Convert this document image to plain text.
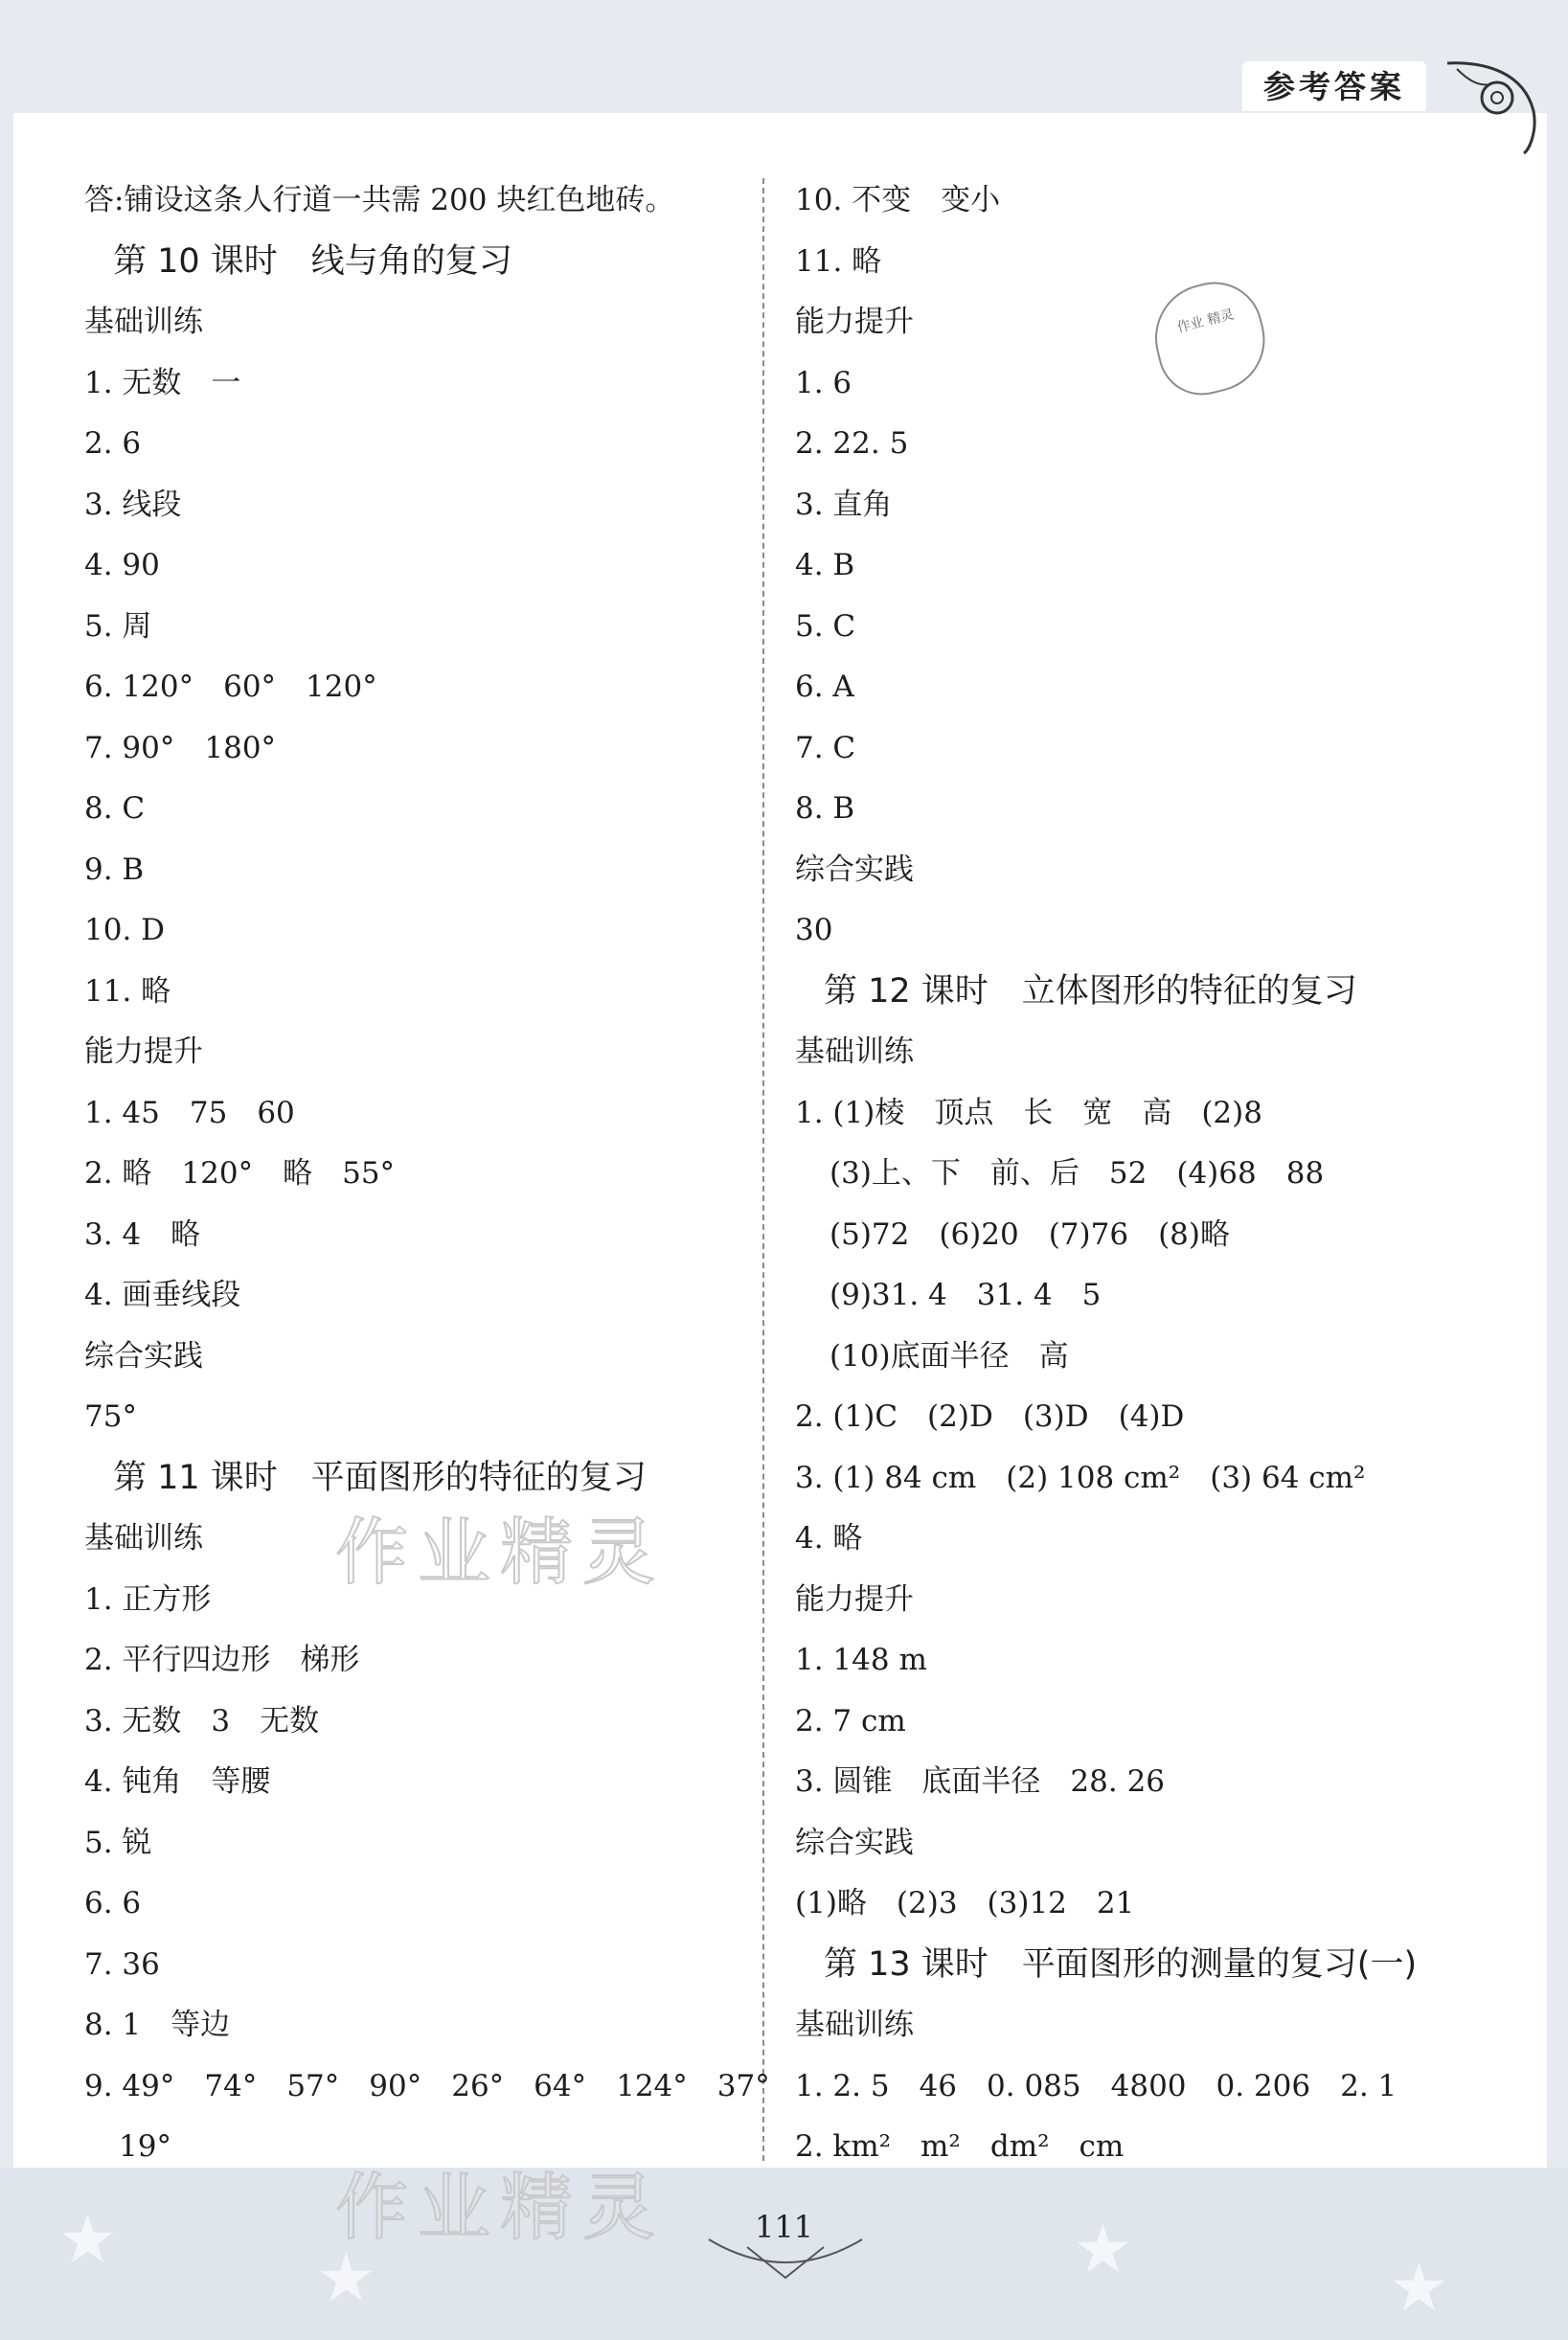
★	★	★	★
参考答案
答:铺设这条人行道一共需 200 块红色地砖。
第 10 课时　线与角的复习
基础训练
1. 无数　一
2. 6
3. 线段
4. 90
5. 周
6. 120°　60°　120°
7. 90°　180°
8. C
9. B
10. D
11. 略
能力提升
1. 45　75　60
2. 略　120°　略　55°
3. 4　略
4. 画垂线段
综合实践
75°
第 11 课时　平面图形的特征的复习
基础训练
1. 正方形
2. 平行四边形　梯形
3. 无数　3　无数
4. 钝角　等腰
5. 锐
6. 6
7. 36
8. 1　等边
9. 49°　74°　57°　90°　26°　64°　124°　37°
19°
10. 不变　变小
11. 略
能力提升
1. 6
2. 22. 5
3. 直角
4. B
5. C
6. A
7. C
8. B
综合实践
30
第 12 课时　立体图形的特征的复习
基础训练
1. (1)棱　顶点　长　宽　高　(2)8
(3)上、下　前、后　52　(4)68　88
(5)72　(6)20　(7)76　(8)略
(9)31. 4　31. 4　5
(10)底面半径　高
2. (1)C　(2)D　(3)D　(4)D
3. (1) 84 cm　(2) 108 cm²　(3) 64 cm²
4. 略
能力提升
1. 148 m
2. 7 cm
3. 圆锥　底面半径　28. 26
综合实践
(1)略　(2)3　(3)12　21
第 13 课时　平面图形的测量的复习(一)
基础训练
1. 2. 5　46　0. 085　4800　0. 206　2. 1
2. km²　m²　dm²　cm
作业 精灵
作业精灵
作业精灵	111
